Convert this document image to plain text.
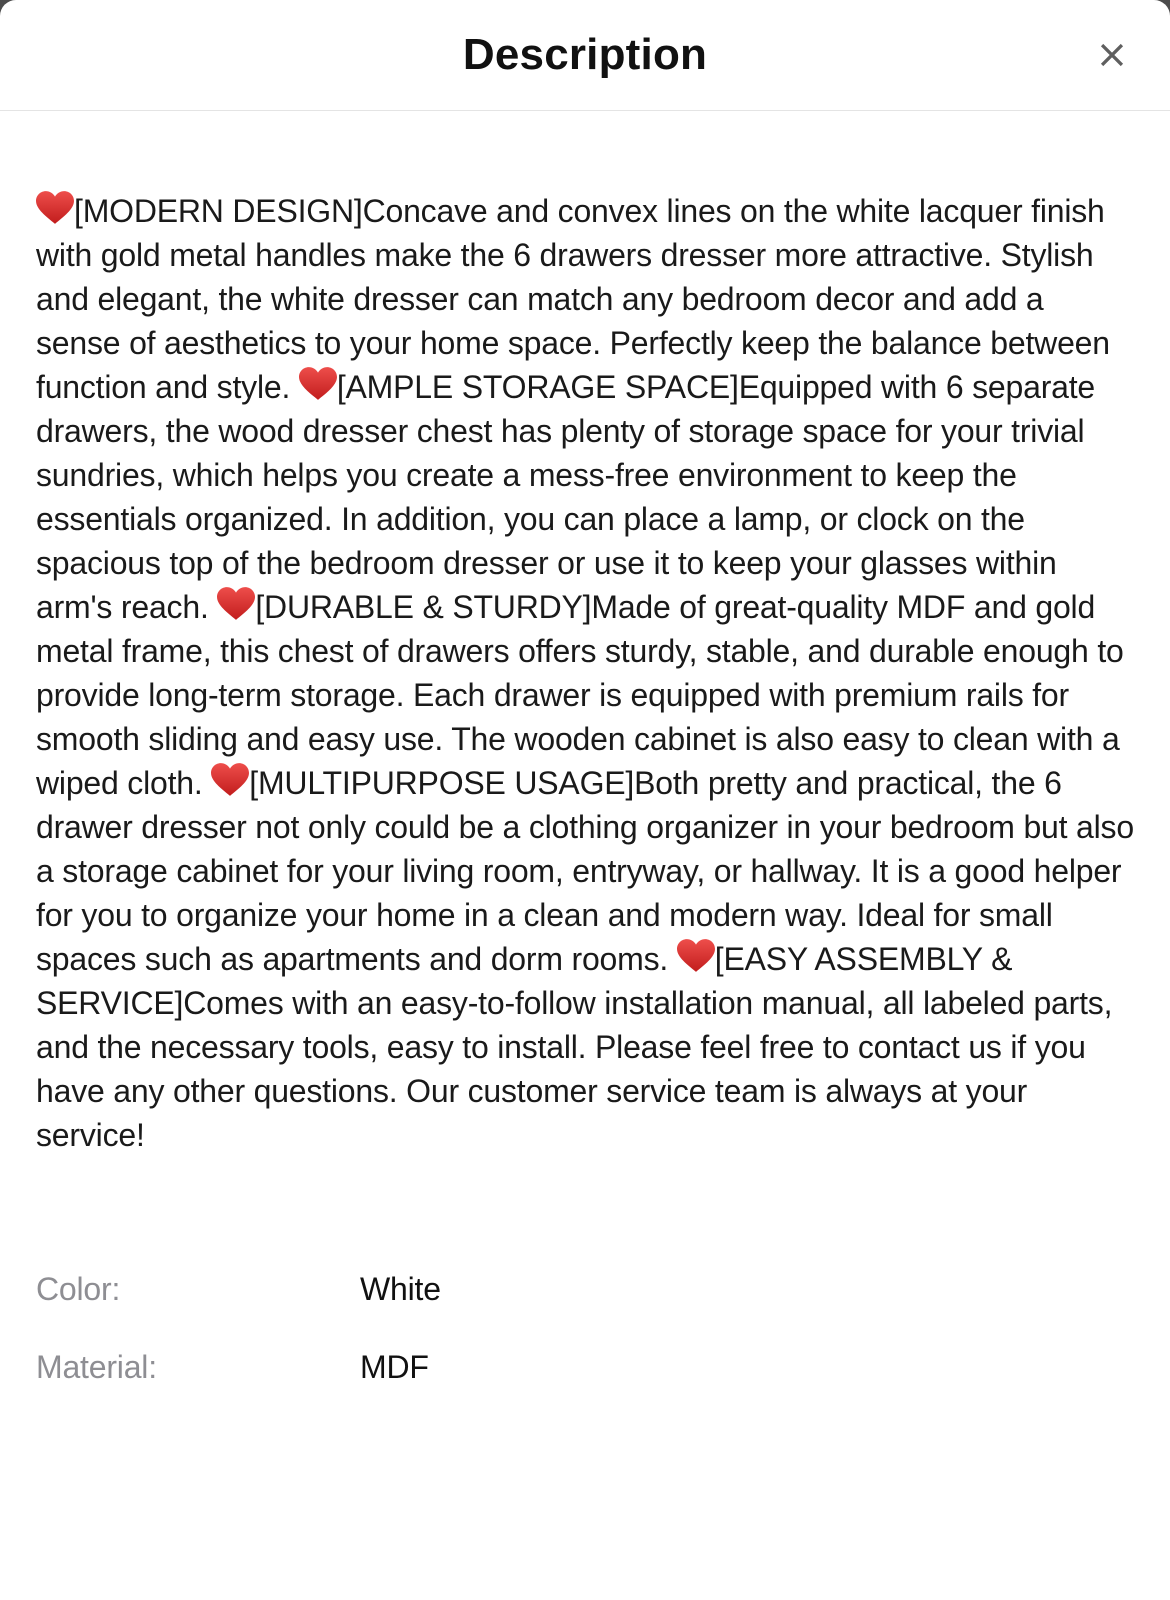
Description

[MODERN DESIGN]Concave and convex lines on the white lacquer finish with gold metal handles make the 6 drawers dresser more attractive. Stylish and elegant, the white dresser can match any bedroom decor and add a sense of aesthetics to your home space. Perfectly keep the balance between function and style. [AMPLE STORAGE SPACE]Equipped with 6 separate drawers, the wood dresser chest has plenty of storage space for your trivial sundries, which helps you create a mess-free environment to keep the essentials organized. In addition, you can place a lamp, or clock on the spacious top of the bedroom dresser or use it to keep your glasses within arm's reach. [DURABLE & STURDY]Made of great-quality MDF and gold metal frame, this chest of drawers offers sturdy, stable, and durable enough to provide long-term storage. Each drawer is equipped with premium rails for smooth sliding and easy use. The wooden cabinet is also easy to clean with a wiped cloth. [MULTIPURPOSE USAGE]Both pretty and practical, the 6 drawer dresser not only could be a clothing organizer in your bedroom but also a storage cabinet for your living room, entryway, or hallway. It is a good helper for you to organize your home in a clean and modern way. Ideal for small spaces such as apartments and dorm rooms. [EASY ASSEMBLY & SERVICE]Comes with an easy-to-follow installation manual, all labeled parts, and the necessary tools, easy to install. Please feel free to contact us if you have any other questions. Our customer service team is always at your service!

Color:	White
Material:	MDF
